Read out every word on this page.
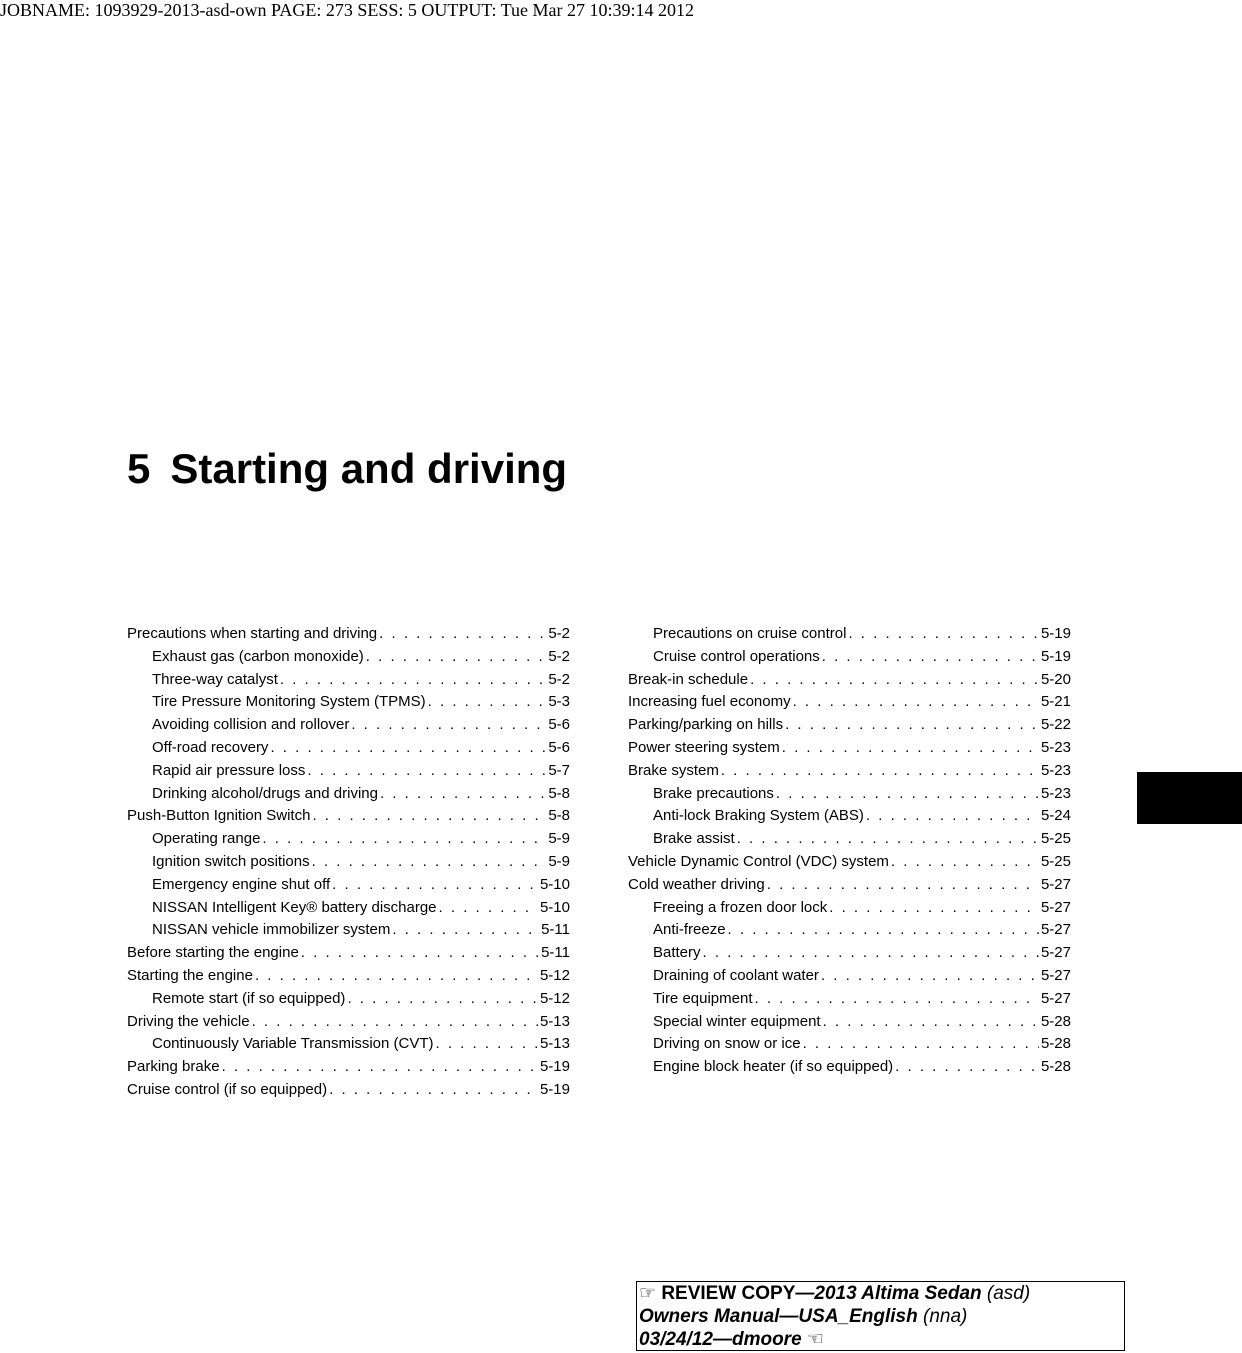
JOBNAME: 1093929-2013-asd-own PAGE: 273 SESS: 5 OUTPUT: Tue Mar 27 10:39:14 2012
5 Starting and driving
Precautions when starting and driving . . .	5-2
Exhaust gas (carbon monoxide) . . .	5-2
Three-way catalyst . . .	5-2
Tire Pressure Monitoring System (TPMS) . . .	5-3
Avoiding collision and rollover . . .	5-6
Off-road recovery . . .	5-6
Rapid air pressure loss . . .	5-7
Drinking alcohol/drugs and driving . . .	5-8
Push-Button Ignition Switch . . .	5-8
Operating range . . .	5-9
Ignition switch positions . . .	5-9
Emergency engine shut off . . .	5-10
NISSAN Intelligent Key® battery discharge . . .	5-10
NISSAN vehicle immobilizer system . . .	5-11
Before starting the engine . . .	5-11
Starting the engine . . .	5-12
Remote start (if so equipped) . . .	5-12
Driving the vehicle . . .	5-13
Continuously Variable Transmission (CVT) . . .	5-13
Parking brake . . .	5-19
Cruise control (if so equipped) . . .	5-19
Precautions on cruise control . . .	5-19
Cruise control operations . . .	5-19
Break-in schedule . . .	5-20
Increasing fuel economy . . .	5-21
Parking/parking on hills . . .	5-22
Power steering system . . .	5-23
Brake system . . .	5-23
Brake precautions . . .	5-23
Anti-lock Braking System (ABS) . . .	5-24
Brake assist . . .	5-25
Vehicle Dynamic Control (VDC) system . . .	5-25
Cold weather driving . . .	5-27
Freeing a frozen door lock . . .	5-27
Anti-freeze . . .	5-27
Battery . . .	5-27
Draining of coolant water . . .	5-27
Tire equipment . . .	5-27
Special winter equipment . . .	5-28
Driving on snow or ice . . .	5-28
Engine block heater (if so equipped) . . .	5-28
☞ REVIEW COPY—2013 Altima Sedan (asd)
Owners Manual—USA_English (nna)
03/24/12—dmoore ☜
